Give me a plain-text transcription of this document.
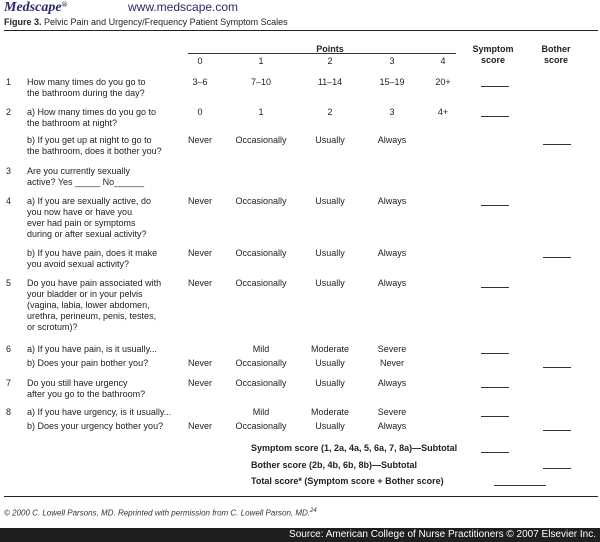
Medscape®	www.medscape.com
Figure 3. Pelvic Pain and Urgency/Frequency Patient Symptom Scales
Points
0	1	2	3	4
Symptom
score
Bother
score
1 How many times do you go to
the bathroom during the day?
3–6	7–10	11–14	15–19	20+
2 a) How many times do you go to
the bathroom at night?
0	1	2	3	4+
b) If you get up at night to go to
the bathroom, does it bother you?
Never	Occasionally	Usually	Always
3 Are you currently sexually
active? Yes _____ No______
4 a) If you are sexually active, do
you now have or have you
ever had pain or symptoms
during or after sexual activity?
Never	Occasionally	Usually	Always
b) If you have pain, does it make
you avoid sexual activity?
Never	Occasionally	Usually	Always
5 Do you have pain associated with
your bladder or in your pelvis
(vagina, labia, lower abdomen,
urethra, perineum, penis, testes,
or scrotum)?
Never	Occasionally	Usually	Always
6 a) If you have pain, is it usually...	Mild	Moderate	Severe
b) Does your pain bother you?	Never	Occasionally	Usually	Never
7 Do you still have urgency
after you go to the bathroom?
Never	Occasionally	Usually	Always
8 a) If you have urgency, is it usually...	Mild	Moderate	Severe
b) Does your urgency bother you?	Never	Occasionally	Usually	Always
Symptom score (1, 2a, 4a, 5, 6a, 7, 8a)—Subtotal
Bother score (2b, 4b, 6b, 8b)—Subtotal
Total score* (Symptom score + Bother score)
© 2000 C. Lowell Parsons, MD. Reprinted with permission from C. Lowell Parson, MD.$^{24}$
Source: American College of Nurse Practitioners © 2007 Elsevier Inc.
